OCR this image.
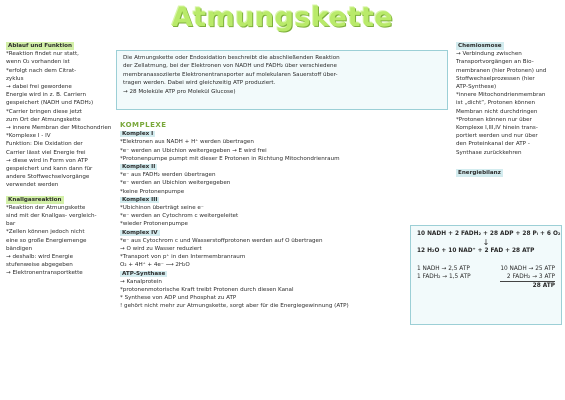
Atmungskette

Ablauf und Funktion

*Reaktion findet nur statt,

wenn O₂ vorhanden ist

*erfolgt nach dem Citrat-

zyklus

→ dabei frei gewordene

Energie wird in z. B. Carriern

gespeichert (NADH und FADH₂)

*Carrier bringen diese jetzt

zum Ort der Atmungskette

→ innere Membran der Mitochondrien

*Komplexe I - IV

Funktion: Die Oxidation der

Carrier lässt viel Energie frei

→ diese wird in Form von ATP

gespeichert und kann dann für

andere Stoffwechselvorgänge

verwendet werden

Knallgasreaktion

*Reaktion der Atmungskette

sind mit der Knallgas- vergleich-

bar

*Zellen können jedoch nicht

eine so große Energiemenge

bändigen

→ deshalb: wird Energie

stufenweise abgegeben

→ Elektronentransportkette

Die Atmungskette oder Endoxidation beschreibt die abschließenden Reaktion

der Zellatmung, bei der Elektronen von NADH und FADH₂ über verschiedene

membranassoziierte Elektronentransporter auf molekularen Sauerstoff über-

tragen werden. Dabei wird gleichzeitig ATP produziert.

→ 28 Moleküle ATP pro Molekül Glucose)

KOMPLEXE

Komplex I

*Elektronen aus NADH + H⁺ werden übertragen

*e⁻ werden an Ubichion weitergegeben → E wird frei

*Protonenpumpe pumpt mit dieser E Protonen in Richtung Mitochondrienraum

Komplex II

*e⁻ aus FADH₂ werden übertragen

*e⁻ werden an Ubichion weitergegeben

*keine Protonenpumpe

Komplex III

*Ubichinon überträgt seine e⁻

*e⁻ werden an Cytochrom c weitergeleitet

*wieder Protonenpumpe

Komplex IV

*e⁻ aus Cytochrom c und Wasserstoffprotonen werden auf O übertragen

→ O wird zu Wasser reduziert

*Transport von p⁺ in den Intermembranraum

O₂ + 4H⁺ + 4e⁻ ⟶ 2H₂O

ATP-Synthase

→ Kanalprotein

*protonenmotorische Kraft treibt Protonen durch diesen Kanal

* Synthese von ADP und Phosphat zu ATP

! gehört nicht mehr zur Atmungskette, sorgt aber für die Energiegewinnung (ATP)

Chemiosmose

→ Verbindung zwischen

Transportvorgängen an Bio-

membranen (hier Protonen) und

Stoffwechselprozessen (hier

ATP-Synthese)

*innere Mitochondrienmembran

ist „dicht“, Protonen können

Membran nicht durchdringen

*Protonen können nur über

Komplexe I,III,IV hinein trans-

portiert werden und nur über

den Proteinkanal der ATP -

Synthase zurückkehren

Energiebilanz

10 NADH + 2 FADH₂ + 28 ADP + 28 Pᵢ + 6 O₂

↓

12 H₂O + 10 NAD⁺ + 2 FAD + 28 ATP

1 NADH → 2,5 ATP

1 FADH₂ → 1,5 ATP

10 NADH → 25 ATP

2 FADH₂ → 3 ATP

28 ATP
